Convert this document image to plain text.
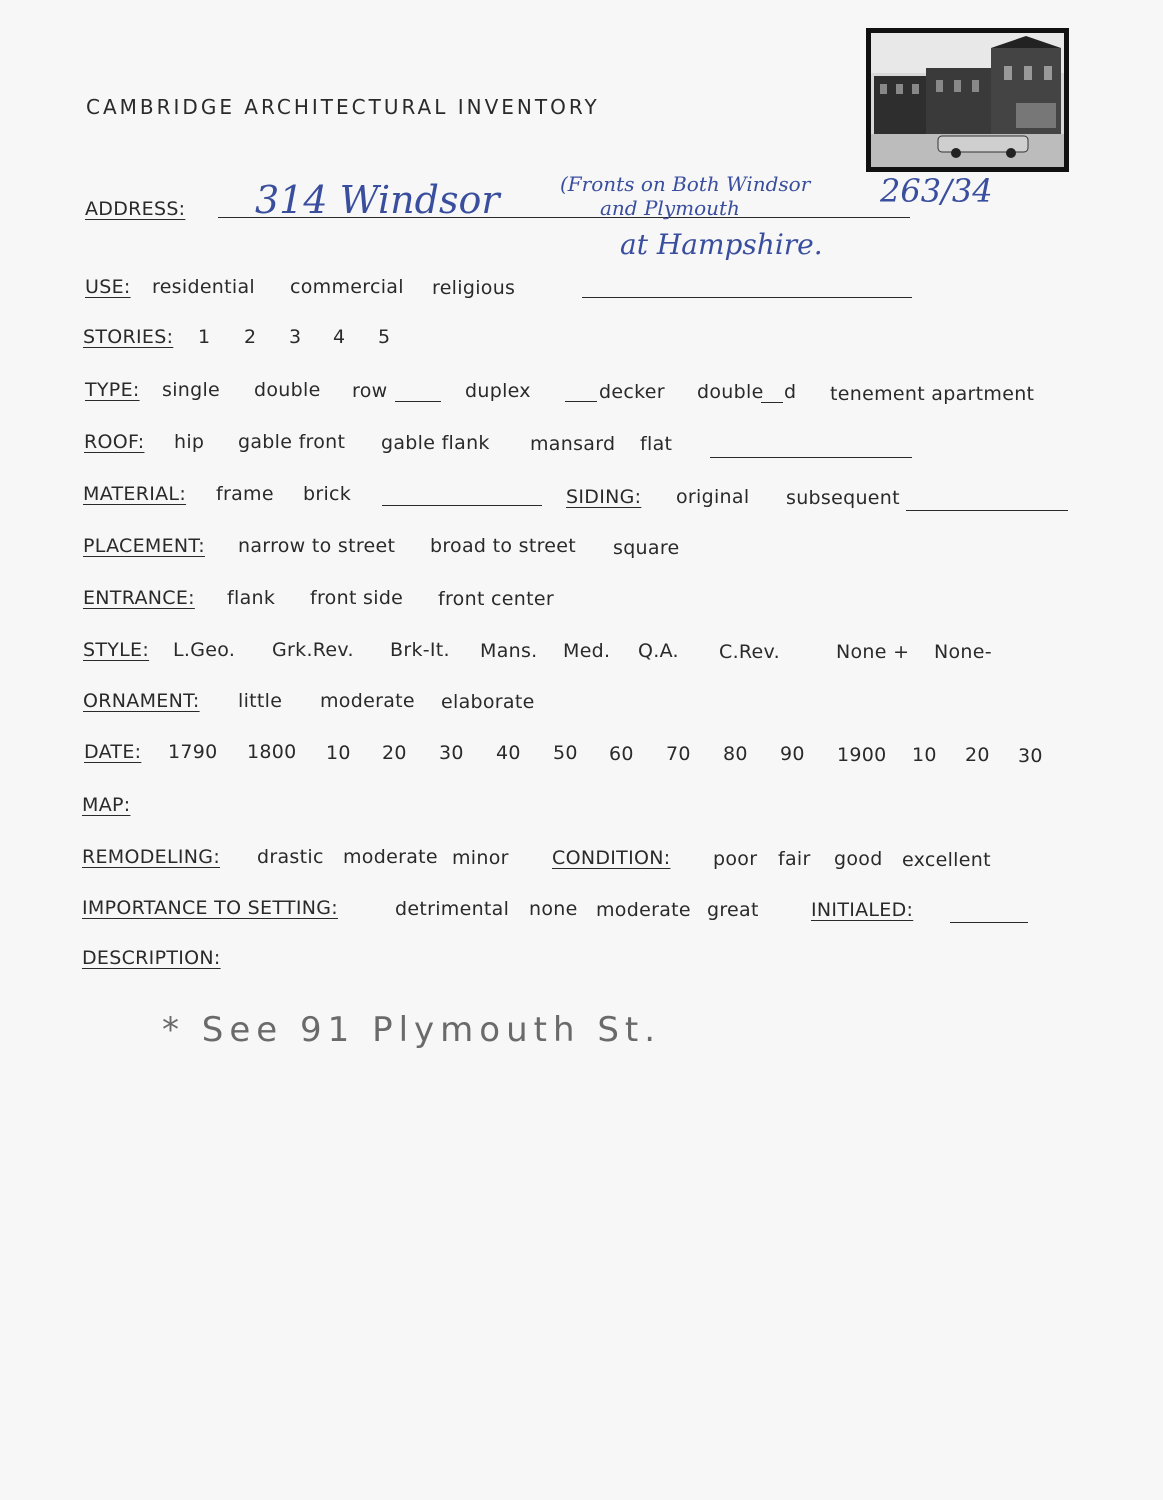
CAMBRIDGE ARCHITECTURAL INVENTORY
ADDRESS: 314 Windsor	(Fronts on Both Windsor
and Plymouth
at Hampshire.
263/34
USE: residential commercial religious
STORIES: 1 2 3 4 5
TYPE: single double row	duplex	decker double d tenement apartment
ROOF: hip gable front gable flank mansard flat
MATERIAL: frame brick	SIDING: original subsequent
PLACEMENT: narrow to street broad to street square
ENTRANCE: flank front side front center
STYLE: L.Geo. Grk.Rev. Brk-It. Mans. Med. Q.A. C.Rev.	None + None-
ORNAMENT: little moderate elaborate
DATE: 1790 1800 10 20 30 40 50 60 70 80 90 1900 10 20 30
MAP:
REMODELING: drastic moderate minor CONDITION: poor fair good excellent
IMPORTANCE TO SETTING:	detrimental none moderate great	INITIALED:
DESCRIPTION:
* See 91 Plymouth St.
